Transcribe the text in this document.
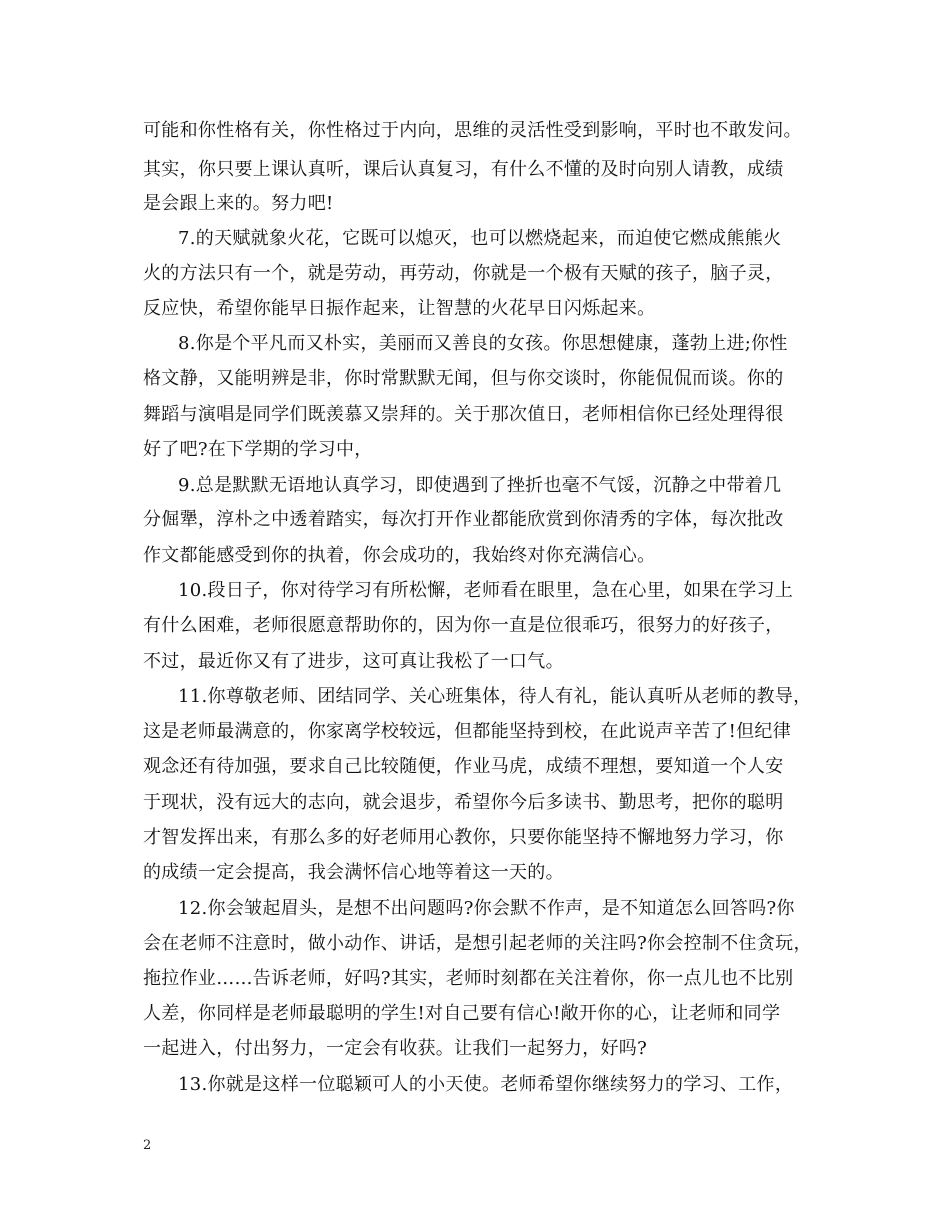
可能和你性格有关，你性格过于内向，思维的灵活性受到影响，平时也不敢发问。
其实，你只要上课认真听，课后认真复习，有什么不懂的及时向别人请教，成绩
是会跟上来的。努力吧!
7.的天赋就象火花，它既可以熄灭，也可以燃烧起来，而迫使它燃成熊熊火
火的方法只有一个，就是劳动，再劳动，你就是一个极有天赋的孩子，脑子灵，
反应快，希望你能早日振作起来，让智慧的火花早日闪烁起来。
8.你是个平凡而又朴实，美丽而又善良的女孩。你思想健康，蓬勃上进;你性
格文静，又能明辨是非，你时常默默无闻，但与你交谈时，你能侃侃而谈。你的
舞蹈与演唱是同学们既羡慕又崇拜的。关于那次值日，老师相信你已经处理得很
好了吧?在下学期的学习中，
9.总是默默无语地认真学习，即使遇到了挫折也毫不气馁，沉静之中带着几
分倔犟，淳朴之中透着踏实，每次打开作业都能欣赏到你清秀的字体，每次批改
作文都能感受到你的执着，你会成功的，我始终对你充满信心。
10.段日子，你对待学习有所松懈，老师看在眼里，急在心里，如果在学习上
有什么困难，老师很愿意帮助你的，因为你一直是位很乖巧，很努力的好孩子，
不过，最近你又有了进步，这可真让我松了一口气。
11.你尊敬老师、团结同学、关心班集体，待人有礼，能认真听从老师的教导，
这是老师最满意的，你家离学校较远，但都能坚持到校，在此说声辛苦了!但纪律
观念还有待加强，要求自己比较随便，作业马虎，成绩不理想，要知道一个人安
于现状，没有远大的志向，就会退步，希望你今后多读书、勤思考，把你的聪明
才智发挥出来，有那么多的好老师用心教你，只要你能坚持不懈地努力学习，你
的成绩一定会提高，我会满怀信心地等着这一天的。
12.你会皱起眉头，是想不出问题吗?你会默不作声，是不知道怎么回答吗?你
会在老师不注意时，做小动作、讲话，是想引起老师的关注吗?你会控制不住贪玩，
拖拉作业……告诉老师，好吗?其实，老师时刻都在关注着你，你一点儿也不比别
人差，你同样是老师最聪明的学生!对自己要有信心!敞开你的心，让老师和同学
一起进入，付出努力，一定会有收获。让我们一起努力，好吗?
13.你就是这样一位聪颖可人的小天使。老师希望你继续努力的学习、工作，
2
